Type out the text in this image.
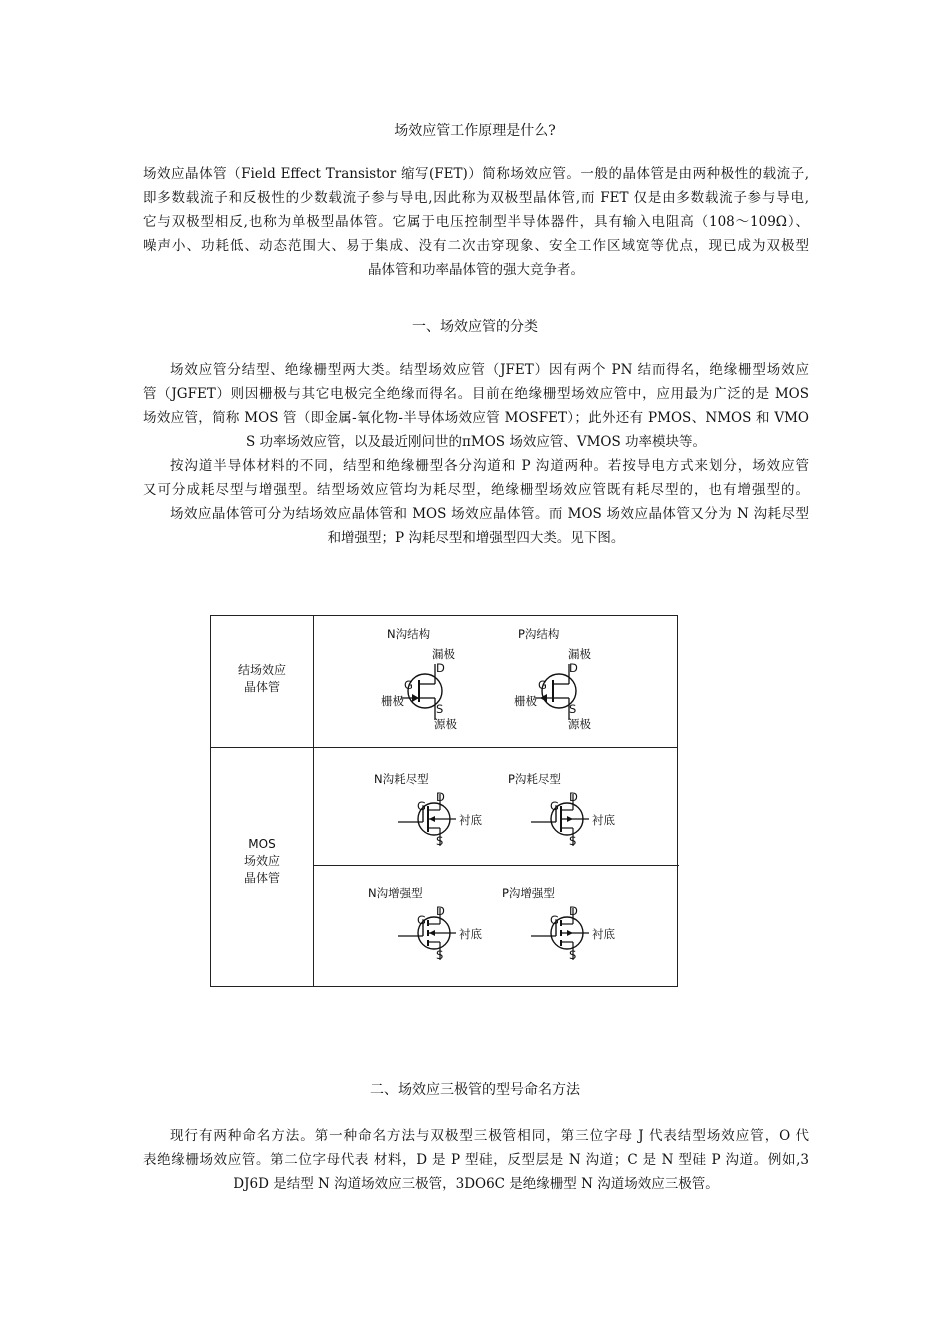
场效应管工作原理是什么?
场效应晶体管（Field Effect Transistor 缩写(FET)）简称场效应管。一般的晶体管是由两种极性的载流子,
即多数载流子和反极性的少数载流子参与导电,因此称为双极型晶体管,而 FET 仅是由多数载流子参与导电,
它与双极型相反,也称为单极型晶体管。它属于电压控制型半导体器件，具有输入电阻高（108～109Ω）、
噪声小、功耗低、动态范围大、易于集成、没有二次击穿现象、安全工作区域宽等优点，现已成为双极型
晶体管和功率晶体管的强大竞争者。
一、场效应管的分类
场效应管分结型、绝缘栅型两大类。结型场效应管（JFET）因有两个 PN 结而得名，绝缘栅型场效应
管（JGFET）则因栅极与其它电极完全绝缘而得名。目前在绝缘栅型场效应管中，应用最为广泛的是 MOS
场效应管，简称 MOS 管（即金属-氧化物-半导体场效应管 MOSFET）；此外还有 PMOS、NMOS 和 VMO
S 功率场效应管，以及最近刚问世的πMOS 场效应管、VMOS 功率模块等。
按沟道半导体材料的不同，结型和绝缘栅型各分沟道和 P 沟道两种。若按导电方式来划分，场效应管
又可分成耗尽型与增强型。结型场效应管均为耗尽型，绝缘栅型场效应管既有耗尽型的，也有增强型的。
场效应晶体管可分为结场效应晶体管和 MOS 场效应晶体管。而 MOS 场效应晶体管又分为 N 沟耗尽型
和增强型；P 沟耗尽型和增强型四大类。见下图。
结场效应
晶体管
MOS
场效应
晶体管
N沟结构
漏极
D
G
栅极
S
源极
P沟结构
漏极
D
G
栅极
S
源极
N沟耗尽型
G
D
S
衬底
P沟耗尽型
G
D
S
衬底
N沟增强型
G
D
S
衬底
P沟增强型
G
D
S
衬底
二、场效应三极管的型号命名方法
现行有两种命名方法。第一种命名方法与双极型三极管相同，第三位字母 J 代表结型场效应管，O 代
表绝缘栅场效应管。第二位字母代表 材料，D 是 P 型硅，反型层是 N 沟道；C 是 N 型硅 P 沟道。例如,3
DJ6D 是结型 N 沟道场效应三极管，3DO6C 是绝缘栅型 N 沟道场效应三极管。
